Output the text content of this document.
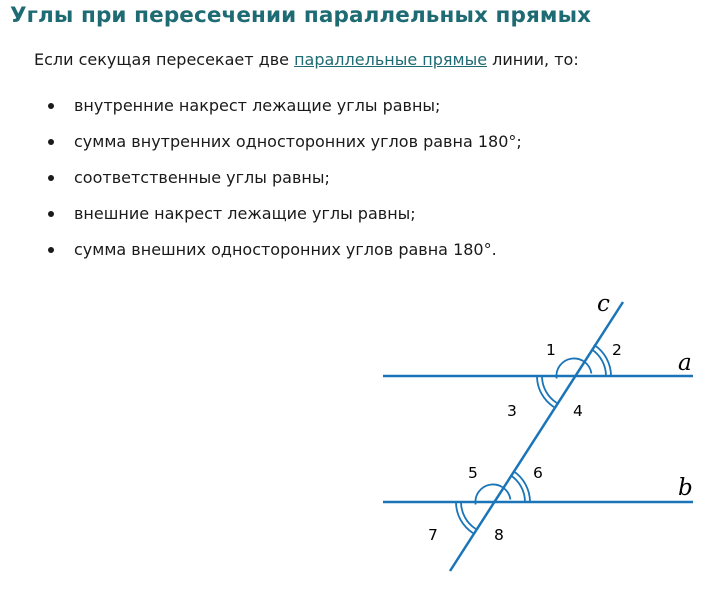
Углы при пересечении параллельных прямых

Если секущая пересекает две параллельные прямые линии, то:

внутренние накрест лежащие углы равны;
сумма внутренних односторонних углов равна 180°;
соответственные углы равны;
внешние накрест лежащие углы равны;
сумма внешних односторонних углов равна 180°.
c
a
b
1	2
3	4
5	6
7	8
